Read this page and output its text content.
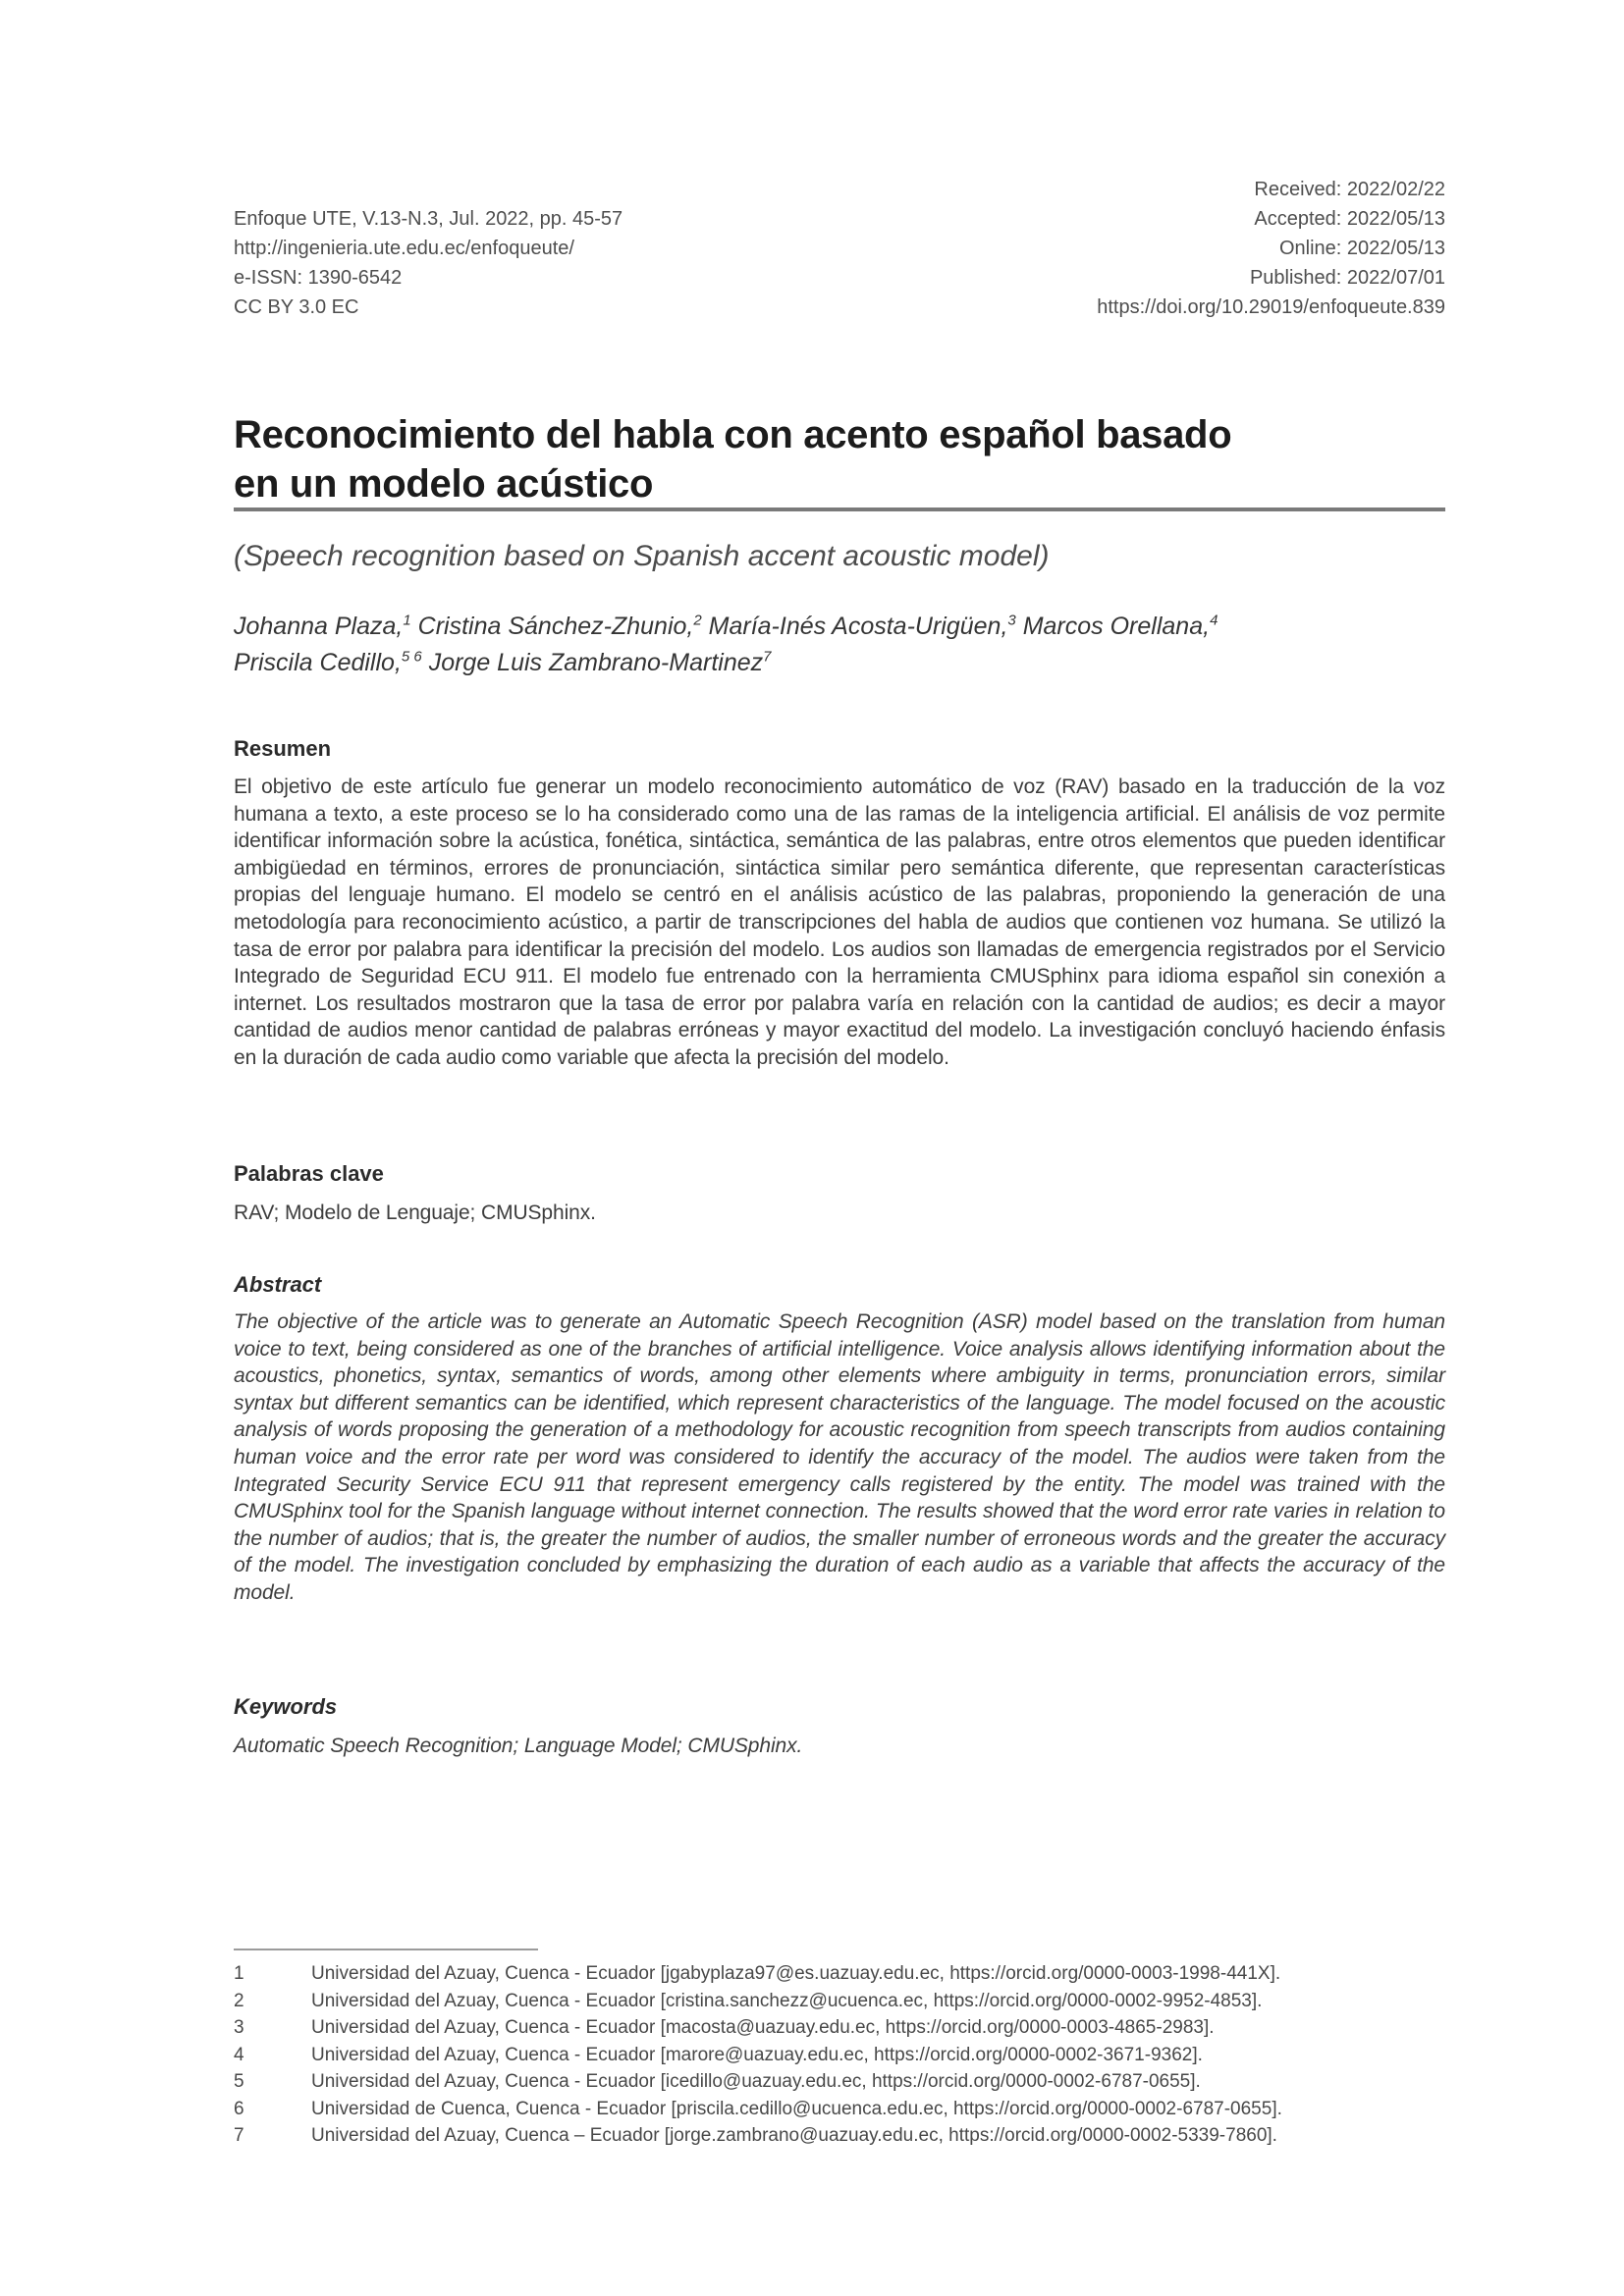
Enfoque UTE, V.13-N.3, Jul. 2022, pp. 45-57
http://ingenieria.ute.edu.ec/enfoqueute/
e-ISSN: 1390-6542
CC BY 3.0 EC
Received: 2022/02/22
Accepted: 2022/05/13
Online: 2022/05/13
Published: 2022/07/01
https://doi.org/10.29019/enfoqueute.839
Reconocimiento del habla con acento español basado
en un modelo acústico
(Speech recognition based on Spanish accent acoustic model)
Johanna Plaza,$^1$ Cristina Sánchez-Zhunio,$^2$ María-Inés Acosta-Urigüen,$^3$ Marcos Orellana,$^4$
Priscila Cedillo,$^{5 6}$ Jorge Luis Zambrano-Martinez$^7$
Resumen
El objetivo de este artículo fue generar un modelo reconocimiento automático de voz (RAV) basado en la traducción de la voz humana a texto, a este proceso se lo ha considerado como una de las ramas de la inteligencia artificial. El análisis de voz permite identificar información sobre la acústica, fonética, sintáctica, semántica de las palabras, entre otros elementos que pueden identificar ambigüedad en términos, errores de pronunciación, sintáctica similar pero semántica diferente, que representan características propias del lenguaje humano. El modelo se centró en el análisis acústico de las palabras, proponiendo la generación de una metodología para reconocimiento acústico, a partir de transcripciones del habla de audios que contienen voz humana. Se utilizó la tasa de error por palabra para identificar la precisión del modelo. Los audios son llamadas de emergencia registrados por el Servicio Integrado de Seguridad ECU 911. El modelo fue entrenado con la herramienta CMUSphinx para idioma español sin conexión a internet. Los resultados mostraron que la tasa de error por palabra varía en relación con la cantidad de audios; es decir a mayor cantidad de audios menor cantidad de palabras erróneas y mayor exactitud del modelo. La investigación concluyó haciendo énfasis en la duración de cada audio como variable que afecta la precisión del modelo.
Palabras clave
RAV; Modelo de Lenguaje; CMUSphinx.
Abstract
The objective of the article was to generate an Automatic Speech Recognition (ASR) model based on the translation from human voice to text, being considered as one of the branches of artificial intelligence. Voice analysis allows identifying information about the acoustics, phonetics, syntax, semantics of words, among other elements where ambiguity in terms, pronunciation errors, similar syntax but different semantics can be identified, which represent characteristics of the language. The model focused on the acoustic analysis of words proposing the generation of a methodology for acoustic recognition from speech transcripts from audios containing human voice and the error rate per word was considered to identify the accuracy of the model. The audios were taken from the Integrated Security Service ECU 911 that represent emergency calls registered by the entity. The model was trained with the CMUSphinx tool for the Spanish language without internet connection. The results showed that the word error rate varies in relation to the number of audios; that is, the greater the number of audios, the smaller number of erroneous words and the greater the accuracy of the model. The investigation concluded by emphasizing the duration of each audio as a variable that affects the accuracy of the model.
Keywords
Automatic Speech Recognition; Language Model; CMUSphinx.
1	Universidad del Azuay, Cuenca - Ecuador [jgabyplaza97@es.uazuay.edu.ec, https://orcid.org/0000-0003-1998-441X].
2	Universidad del Azuay, Cuenca - Ecuador [cristina.sanchezz@ucuenca.ec, https://orcid.org/0000-0002-9952-4853].
3	Universidad del Azuay, Cuenca - Ecuador [macosta@uazuay.edu.ec, https://orcid.org/0000-0003-4865-2983].
4	Universidad del Azuay, Cuenca - Ecuador [marore@uazuay.edu.ec, https://orcid.org/0000-0002-3671-9362].
5	Universidad del Azuay, Cuenca - Ecuador [icedillo@uazuay.edu.ec, https://orcid.org/0000-0002-6787-0655].
6	Universidad de Cuenca, Cuenca - Ecuador [priscila.cedillo@ucuenca.edu.ec, https://orcid.org/0000-0002-6787-0655].
7	Universidad del Azuay, Cuenca – Ecuador [jorge.zambrano@uazuay.edu.ec, https://orcid.org/0000-0002-5339-7860].
